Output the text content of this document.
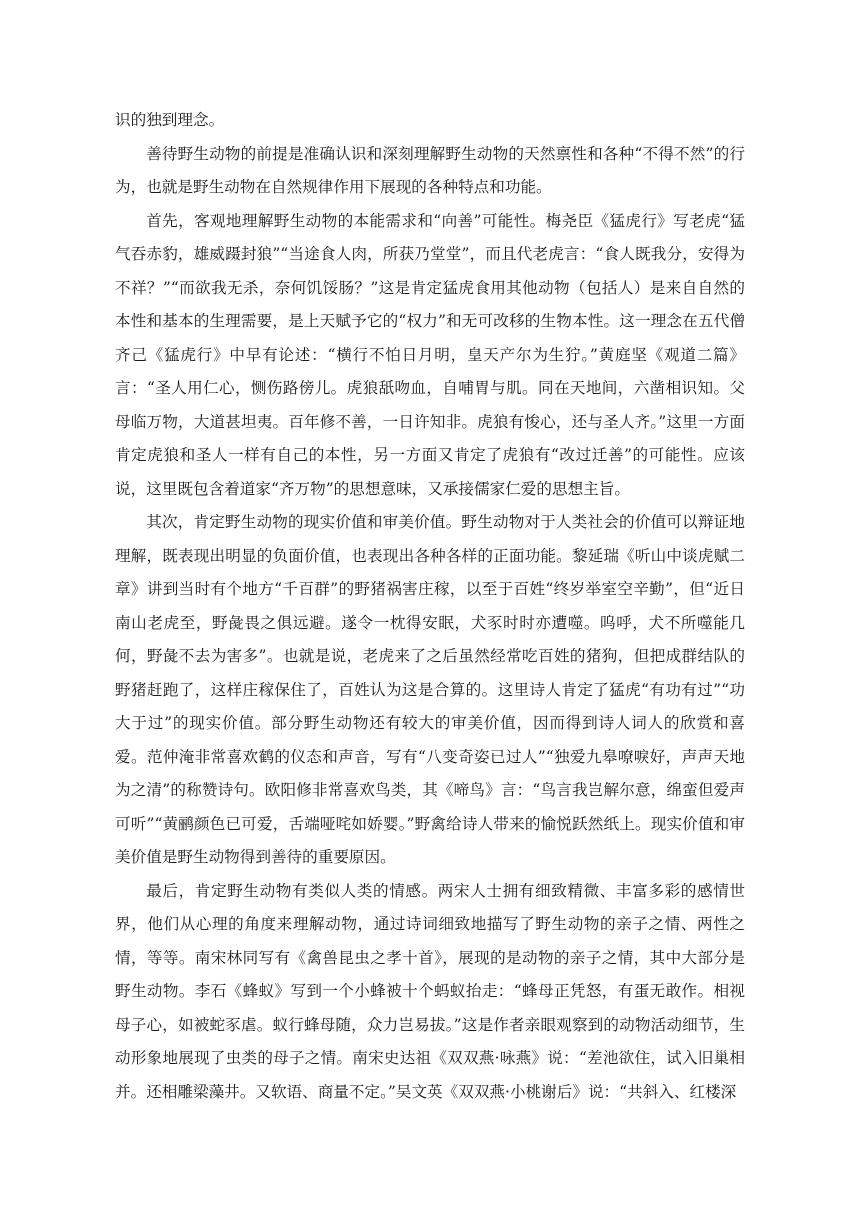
识的独到理念。

善待野生动物的前提是准确认识和深刻理解野生动物的天然禀性和各种“不得不然”的行为，也就是野生动物在自然规律作用下展现的各种特点和功能。

首先，客观地理解野生动物的本能需求和“向善”可能性。梅尧臣《猛虎行》写老虎“猛气吞赤豹，雄威蹑封狼”“当途食人肉，所获乃堂堂”，而且代老虎言：“食人既我分，安得为不祥？”“而欲我无杀，奈何饥馁肠？”这是肯定猛虎食用其他动物（包括人）是来自自然的本性和基本的生理需要，是上天赋予它的“权力”和无可改移的生物本性。这一理念在五代僧齐己《猛虎行》中早有论述：“横行不怕日月明，皇天产尔为生狞。”黄庭坚《观道二篇》言：“圣人用仁心，恻伤路傍儿。虎狼舐吻血，自哺胃与肌。同在天地间，六凿相识知。父母临万物，大道甚坦夷。百年修不善，一日许知非。虎狼有悛心，还与圣人齐。”这里一方面肯定虎狼和圣人一样有自己的本性，另一方面又肯定了虎狼有“改过迁善”的可能性。应该说，这里既包含着道家“齐万物”的思想意味，又承接儒家仁爱的思想主旨。

其次，肯定野生动物的现实价值和审美价值。野生动物对于人类社会的价值可以辩证地理解，既表现出明显的负面价值，也表现出各种各样的正面功能。黎延瑞《听山中谈虎赋二章》讲到当时有个地方“千百群”的野猪祸害庄稼，以至于百姓“终岁举室空辛勤”，但“近日南山老虎至，野彘畏之俱远避。遂令一枕得安眠，犬豕时时亦遭噬。呜呼，犬不所噬能几何，野彘不去为害多”。也就是说，老虎来了之后虽然经常吃百姓的猪狗，但把成群结队的野猪赶跑了，这样庄稼保住了，百姓认为这是合算的。这里诗人肯定了猛虎“有功有过”“功大于过”的现实价值。部分野生动物还有较大的审美价值，因而得到诗人词人的欣赏和喜爱。范仲淹非常喜欢鹤的仪态和声音，写有“八变奇姿已过人”“独爱九皋嘹唳好，声声天地为之清”的称赞诗句。欧阳修非常喜欢鸟类，其《啼鸟》言：“鸟言我岂解尔意，绵蛮但爱声可听”“黄鹂颜色已可爱，舌端哑咤如娇婴。”野禽给诗人带来的愉悦跃然纸上。现实价值和审美价值是野生动物得到善待的重要原因。

最后，肯定野生动物有类似人类的情感。两宋人士拥有细致精微、丰富多彩的感情世界，他们从心理的角度来理解动物，通过诗词细致地描写了野生动物的亲子之情、两性之情，等等。南宋林同写有《禽兽昆虫之孝十首》，展现的是动物的亲子之情，其中大部分是野生动物。李石《蜂蚁》写到一个小蜂被十个蚂蚁抬走：“蜂母正凭怒，有蛋无敢作。相视母子心，如被蛇豕虐。蚁行蜂母随，众力岂易拔。”这是作者亲眼观察到的动物活动细节，生动形象地展现了虫类的母子之情。南宋史达祖《双双燕·咏燕》说：“差池欲住，试入旧巢相并。还相雕梁藻井。又软语、商量不定。”吴文英《双双燕·小桃谢后》说：“共斜入、红楼深
